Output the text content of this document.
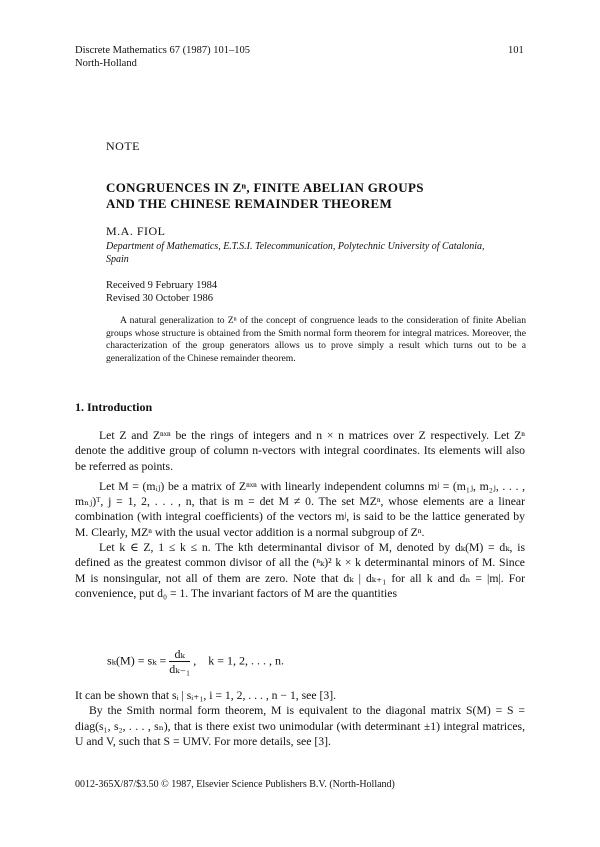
Discrete Mathematics 67 (1987) 101–105
North-Holland
101
NOTE
CONGRUENCES IN Zⁿ, FINITE ABELIAN GROUPS
AND THE CHINESE REMAINDER THEOREM
M.A. FIOL
Department of Mathematics, E.T.S.I. Telecommunication, Polytechnic University of Catalonia,
Spain
Received 9 February 1984
Revised 30 October 1986
A natural generalization to Zⁿ of the concept of congruence leads to the consideration of finite Abelian groups whose structure is obtained from the Smith normal form theorem for integral matrices. Moreover, the characterization of the group generators allows us to prove simply a result which turns out to be a generalization of the Chinese remainder theorem.
1. Introduction

Let Z and Zⁿˣⁿ be the rings of integers and n × n matrices over Z respectively. Let Zⁿ denote the additive group of column n-vectors with integral coordinates. Its elements will also be referred as points.

Let M = (mᵢⱼ) be a matrix of Zⁿˣⁿ with linearly independent columns mʲ = (m₁ⱼ, m₂ⱼ, . . . , mₙⱼ)ᵀ, j = 1, 2, . . . , n, that is m = det M ≠ 0. The set MZⁿ, whose elements are a linear combination (with integral coefficients) of the vectors mʲ, is said to be the lattice generated by M. Clearly, MZⁿ with the usual vector addition is a normal subgroup of Zⁿ.

Let k ∈ Z, 1 ≤ k ≤ n. The kth determinantal divisor of M, denoted by dₖ(M) = dₖ, is defined as the greatest common divisor of all the (ⁿₖ)² k × k determinantal minors of M. Since M is nonsingular, not all of them are zero. Note that dₖ | dₖ₊₁ for all k and dₙ = |m|. For convenience, put d₀ = 1. The invariant factors of M are the quantities

$s_k(M) = s_k = \frac{\text{dₖ}}{\text{dₖ₋₁}}$ ,    k = 1, 2, . . . , n.

It can be shown that sᵢ | sᵢ₊₁, i = 1, 2, . . . , n − 1, see [3].

By the Smith normal form theorem, M is equivalent to the diagonal matrix S(M) = S = diag(s₁, s₂, . . . , sₙ), that is there exist two unimodular (with determinant ±1) integral matrices, U and V, such that S = UMV. For more details, see [3].

0012-365X/87/$3.50 © 1987, Elsevier Science Publishers B.V. (North-Holland)
